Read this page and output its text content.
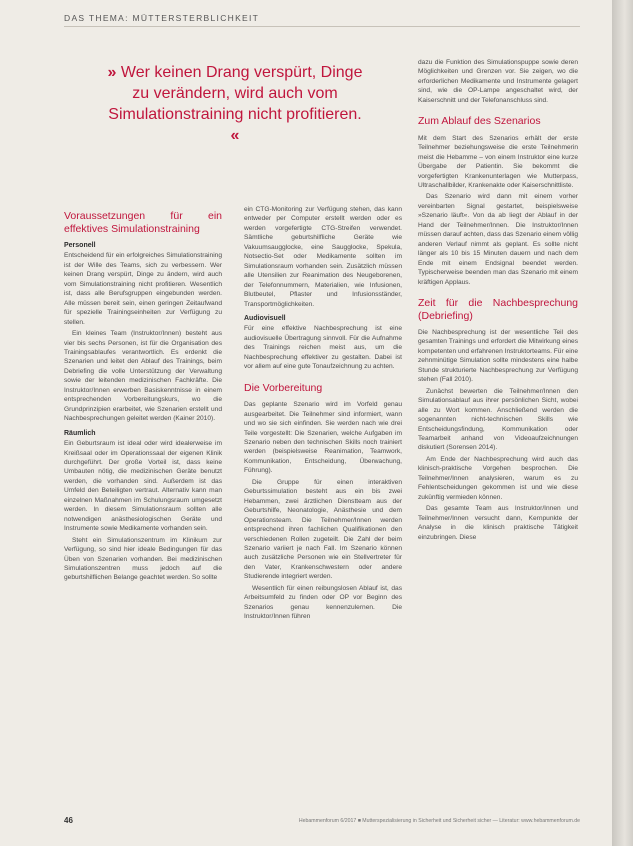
DAS THEMA: MÜTTERSTERBLICHKEIT
» Wer keinen Drang verspürt, Dinge zu verändern, wird auch vom Simulationstraining nicht profitieren. «
Voraussetzungen für ein effektives Simulationstraining
Personell

Entscheidend für ein erfolgreiches Simulationstraining ist der Wille des Teams, sich zu verbessern. Wer keinen Drang verspürt, Dinge zu ändern, wird auch vom Simulationstraining nicht profitieren. Wesentlich ist, dass alle Berufsgruppen eingebunden werden. Alle müssen bereit sein, einen geringen Zeitaufwand für spezielle Trainingseinheiten zur Verfügung zu stellen.

Ein kleines Team (Instruktor/Innen) besteht aus vier bis sechs Personen, ist für die Organisation des Trainingsablaufes verantwortlich. Es erdenkt die Szenarien und leitet den Ablauf des Trainings, beim Debriefing die volle Unterstützung der Verwaltung sowie der leitenden medizinischen Fachkräfte. Die Instruktor/Innen erwerben Basiskenntnisse in einem entsprechenden Vorbereitungskurs, wo die Grundprinzipien erarbeitet, wie Szenarien erstellt und Nachbesprechungen geleitet werden (Kainer 2010).

Räumlich

Ein Geburtsraum ist ideal oder wird idealerweise im Kreißsaal oder im Operationssaal der eigenen Klinik durchgeführt. Der große Vorteil ist, dass keine Umbauten nötig, die medizinischen Geräte benutzt werden, die vorhanden sind. Außerdem ist das Umfeld den Beteiligten vertraut. Alternativ kann man einzelnen Maßnahmen im Schulungsraum umgesetzt werden. In diesem Simulationsraum sollten alle notwendigen anästhesiologischen Geräte und Instrumente sowie Medikamente vorhanden sein.

Steht ein Simulationszentrum im Klinikum zur Verfügung, so sind hier ideale Bedingungen für das Üben von Szenarien vorhanden. Bei medizinischen Simulationszentren muss jedoch auf die geburtshilflichen Belange geachtet werden. So sollte

ein CTG-Monitoring zur Verfügung stehen, das kann entweder per Computer erstellt werden oder es werden vorgefertigte CTG-Streifen verwendet. Sämtliche geburtshilfliche Geräte wie Vakuumsaugglocke, eine Saugglocke, Spekula, Notsectio-Set oder Medikamente sollten im Simulationsraum vorhanden sein. Zusätzlich müssen alle Utensilien zur Reanimation des Neugeborenen, der Telefonnummern, Materialien, wie Infusionen, Blutbeutel, Pflaster und Infusionsständer, Transportmöglichkeiten.

Audiovisuell

Für eine effektive Nachbesprechung ist eine audiovisuelle Übertragung sinnvoll. Für die Aufnahme des Trainings reichen meist aus, um die Nachbesprechung effektiver zu gestalten. Dabei ist vor allem auf eine gute Tonaufzeichnung zu achten.

Die Vorbereitung

Das geplante Szenario wird im Vorfeld genau ausgearbeitet. Die Teilnehmer sind informiert, wann und wo sie sich einfinden. Sie werden nach wie drei Teile vorgestellt: Die Szenarien, welche Aufgaben im Szenario neben den technischen Skills noch trainiert werden (beispielsweise Reanimation, Teamwork, Kommunikation, Entscheidung, Überwachung, Führung).

Die Gruppe für einen interaktiven Geburtssimulation besteht aus ein bis zwei Hebammen, zwei ärztlichen Dienstteam aus der Geburtshilfe, Neonatologie, Anästhesie und dem Operationsteam. Die Teilnehmer/Innen werden entsprechend ihren fachlichen Qualifikationen den verschiedenen Rollen zugeteilt. Die Zahl der beim Szenario variiert je nach Fall. Im Szenario können auch zusätzliche Personen wie ein Stellvertreter für den Vater, Krankenschwestern oder andere Studierende integriert werden.

Wesentlich für einen reibungslosen Ablauf ist, das Arbeitsumfeld zu finden oder OP vor Beginn des Szenarios genau kennenzulernen. Die Instruktor/Innen führen

dazu die Funktion des Simulationspuppe sowie deren Möglichkeiten und Grenzen vor. Sie zeigen, wo die erforderlichen Medikamente und Instrumente gelagert sind, wie die OP-Lampe angeschaltet wird, der Kaiserschnitt und der Telefonanschluss sind.

Zum Ablauf des Szenarios

Mit dem Start des Szenarios erhält der erste Teilnehmer beziehungsweise die erste Teilnehmerin meist die Hebamme – von einem Instruktor eine kurze Übergabe der Patientin. Sie bekommt die vorgefertigten Krankenunterlagen wie Mutterpass, Ultraschallbilder, Krankenakte oder Kaiserschnittliste.

Das Szenario wird dann mit einem vorher vereinbarten Signal gestartet, beispielsweise »Szenario läuft«. Von da ab liegt der Ablauf in der Hand der Teilnehmer/Innen. Die Instruktor/Innen müssen darauf achten, dass das Szenario einem völlig anderen Verlauf nimmt als geplant. Es sollte nicht länger als 10 bis 15 Minuten dauern und nach dem Ende mit einem Endsignal beendet werden. Typischerweise beenden man das Szenario mit einem kräftigen Applaus.

Zeit für die Nachbesprechung (Debriefing)

Die Nachbesprechung ist der wesentliche Teil des gesamten Trainings und erfordert die Mitwirkung eines kompetenten und erfahrenen Instruktorteams. Für eine zehnminütige Simulation sollte mindestens eine halbe Stunde strukturierte Nachbesprechung zur Verfügung stehen (Fall 2010).

Zunächst bewerten die Teilnehmer/Innen den Simulationsablauf aus ihrer persönlichen Sicht, wobei alle zu Wort kommen. Anschließend werden die sogenannten nicht-technischen Skills wie Entscheidungsfindung, Kommunikation oder Teamarbeit anhand von Videoaufzeichnungen diskutiert (Sorensen 2014).

Am Ende der Nachbesprechung wird auch das klinisch-praktische Vorgehen besprochen. Die Teilnehmer/Innen analysieren, warum es zu Fehlentscheidungen gekommen ist und wie diese zukünftig vermieden können.

Das gesamte Team aus Instruktor/Innen und Teilnehmer/Innen versucht dann, Kernpunkte der Analyse in die klinisch praktische Tätigkeit einzubringen. Diese

46	Hebammenforum 6/2017 ■ Mutterspezialisierung in Sicherheit und Sicherheit sicher — Literatur: www.hebammenforum.de
